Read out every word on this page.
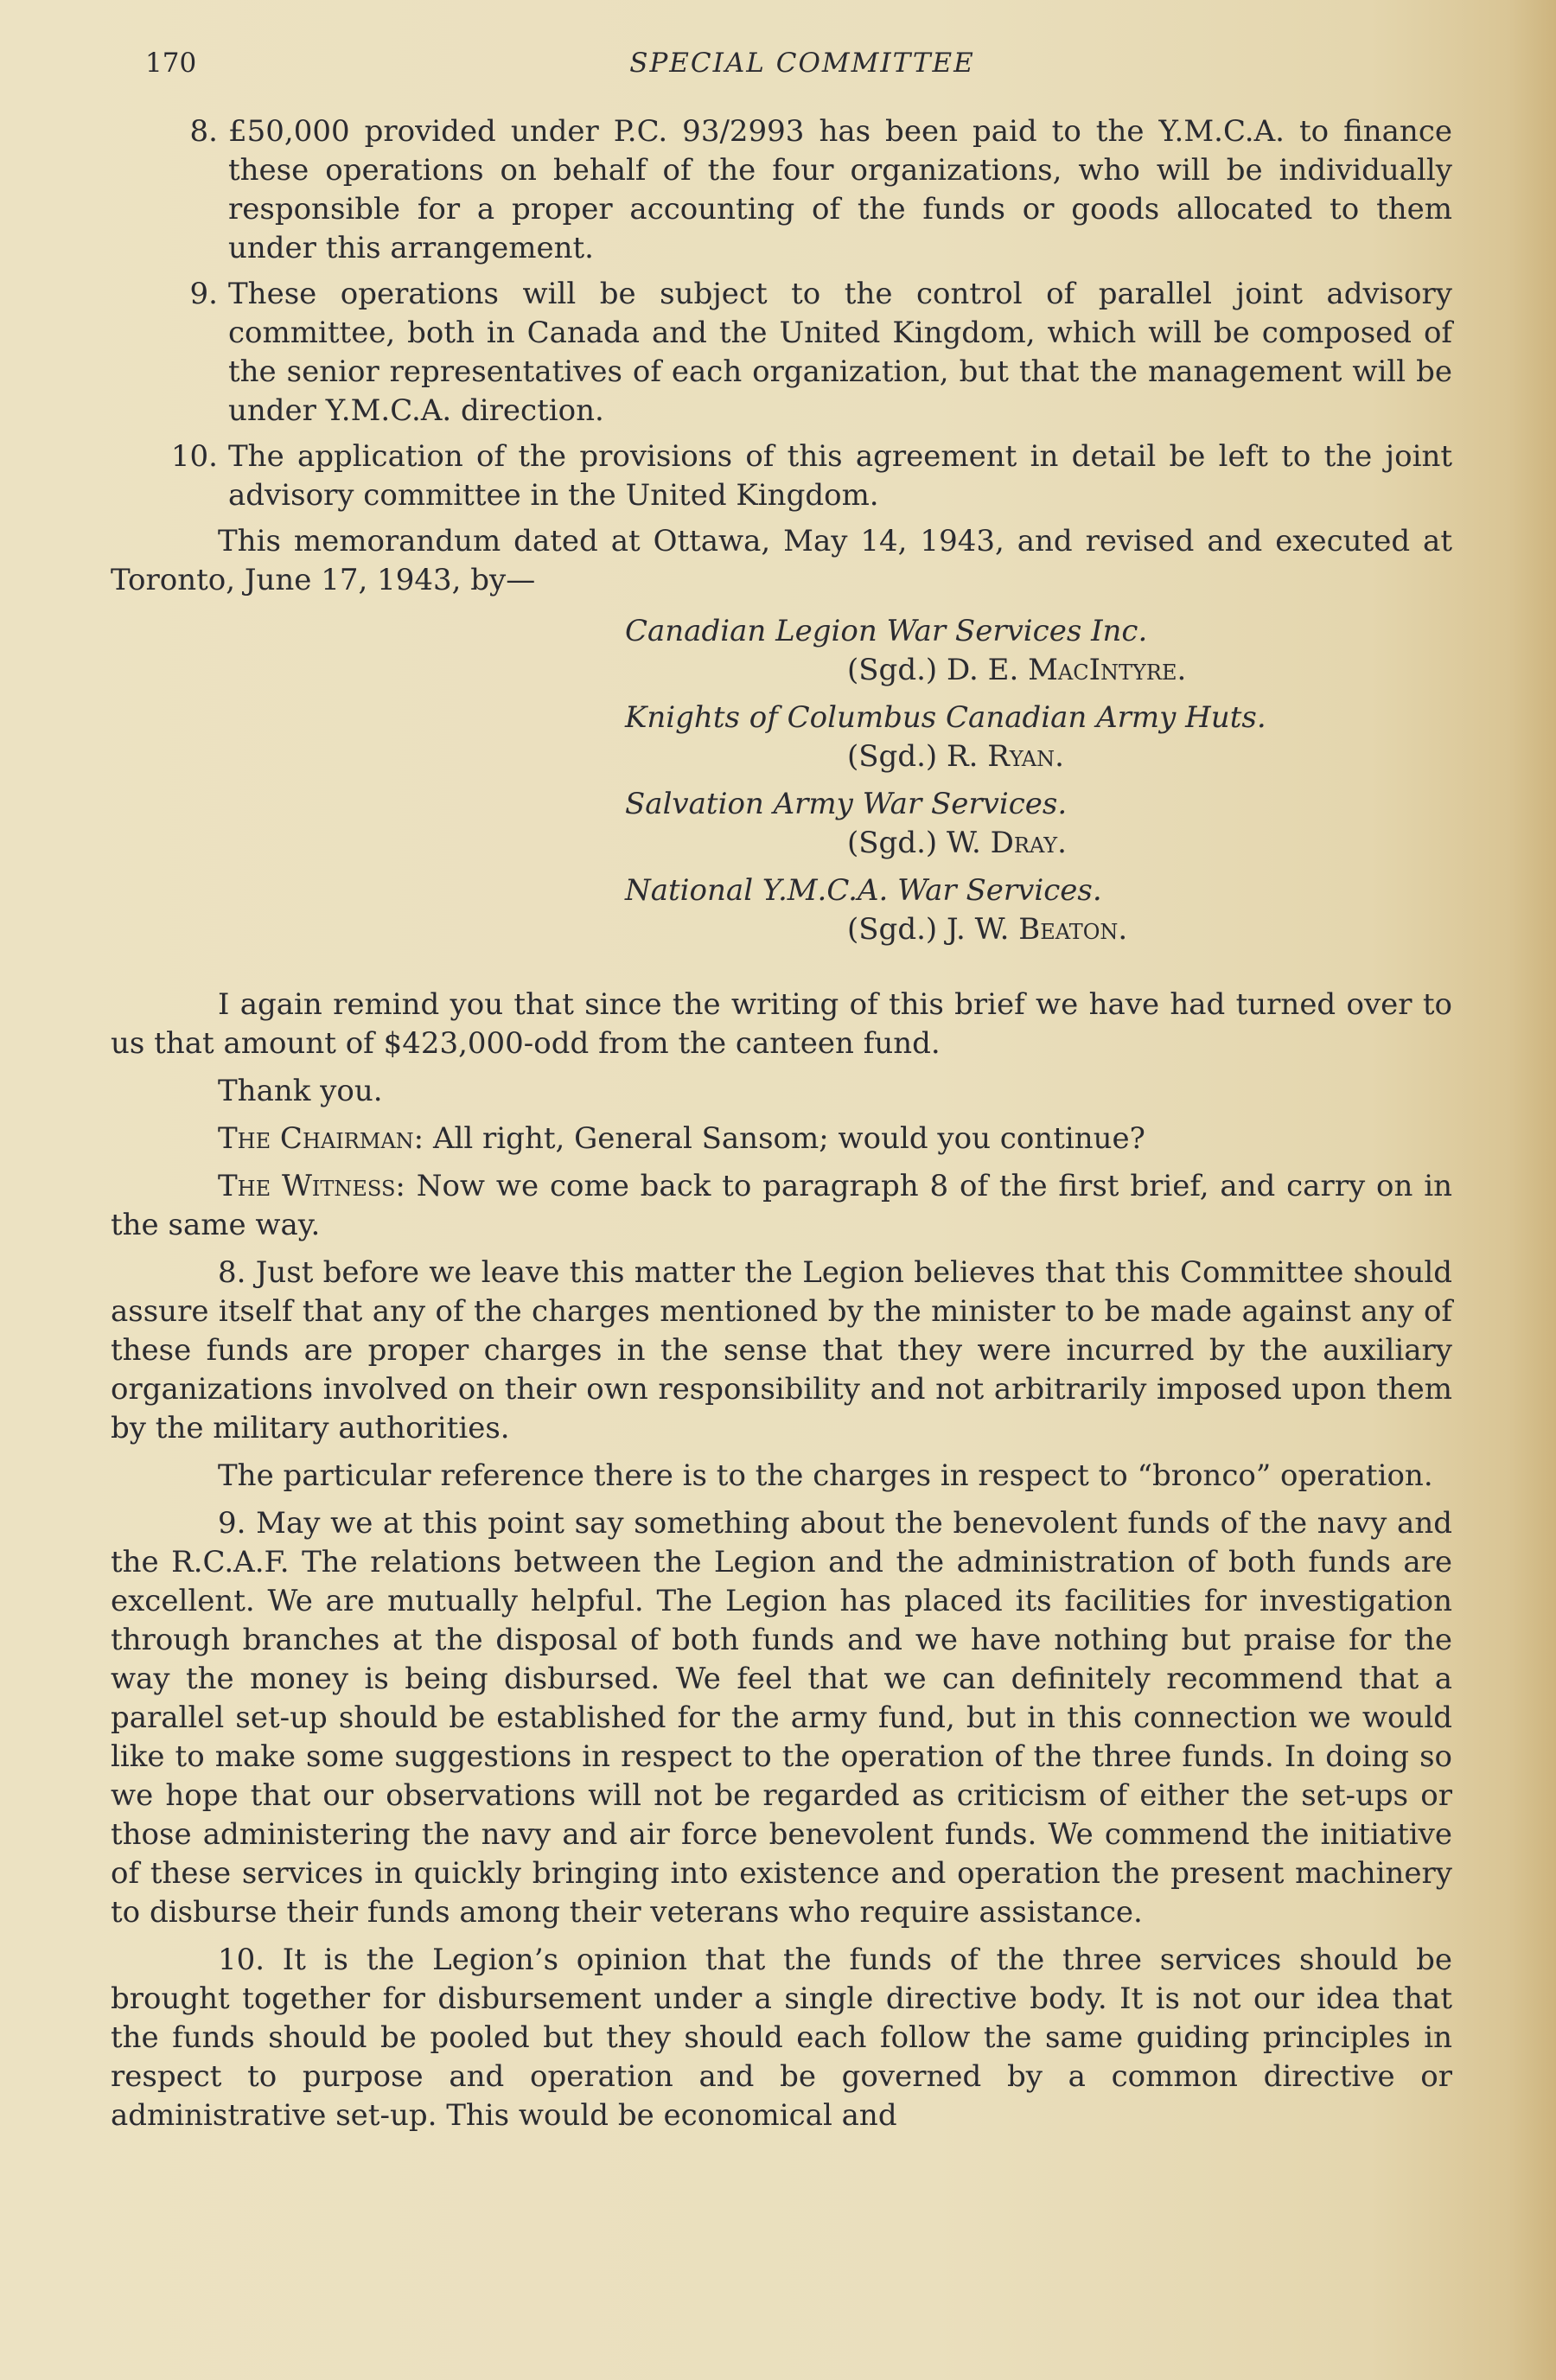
170	SPECIAL COMMITTEE
8. £50,000 provided under P.C. 93/2993 has been paid to the Y.M.C.A. to finance these operations on behalf of the four organizations, who will be individually responsible for a proper accounting of the funds or goods allocated to them under this arrangement.
9. These operations will be subject to the control of parallel joint advisory committee, both in Canada and the United Kingdom, which will be composed of the senior representatives of each organization, but that the management will be under Y.M.C.A. direction.
10. The application of the provisions of this agreement in detail be left to the joint advisory committee in the United Kingdom.

This memorandum dated at Ottawa, May 14, 1943, and revised and executed at Toronto, June 17, 1943, by—

Canadian Legion War Services Inc.
(Sgd.) D. E. MacIntyre.
Knights of Columbus Canadian Army Huts.
(Sgd.) R. Ryan.
Salvation Army War Services.
(Sgd.) W. Dray.
National Y.M.C.A. War Services.
(Sgd.) J. W. Beaton.

I again remind you that since the writing of this brief we have had turned over to us that amount of $423,000-odd from the canteen fund.

Thank you.

The Chairman: All right, General Sansom; would you continue?

The Witness: Now we come back to paragraph 8 of the first brief, and carry on in the same way.

8. Just before we leave this matter the Legion believes that this Committee should assure itself that any of the charges mentioned by the minister to be made against any of these funds are proper charges in the sense that they were incurred by the auxiliary organizations involved on their own responsibility and not arbitrarily imposed upon them by the military authorities.

The particular reference there is to the charges in respect to “bronco” operation.

9. May we at this point say something about the benevolent funds of the navy and the R.C.A.F. The relations between the Legion and the administration of both funds are excellent. We are mutually helpful. The Legion has placed its facilities for investigation through branches at the disposal of both funds and we have nothing but praise for the way the money is being disbursed. We feel that we can definitely recommend that a parallel set-up should be established for the army fund, but in this connection we would like to make some suggestions in respect to the operation of the three funds. In doing so we hope that our observations will not be regarded as criticism of either the set-ups or those administering the navy and air force benevolent funds. We commend the initiative of these services in quickly bringing into existence and operation the present machinery to disburse their funds among their veterans who require assistance.

10. It is the Legion’s opinion that the funds of the three services should be brought together for disbursement under a single directive body. It is not our idea that the funds should be pooled but they should each follow the same guiding principles in respect to purpose and operation and be governed by a common directive or administrative set-up. This would be economical and
